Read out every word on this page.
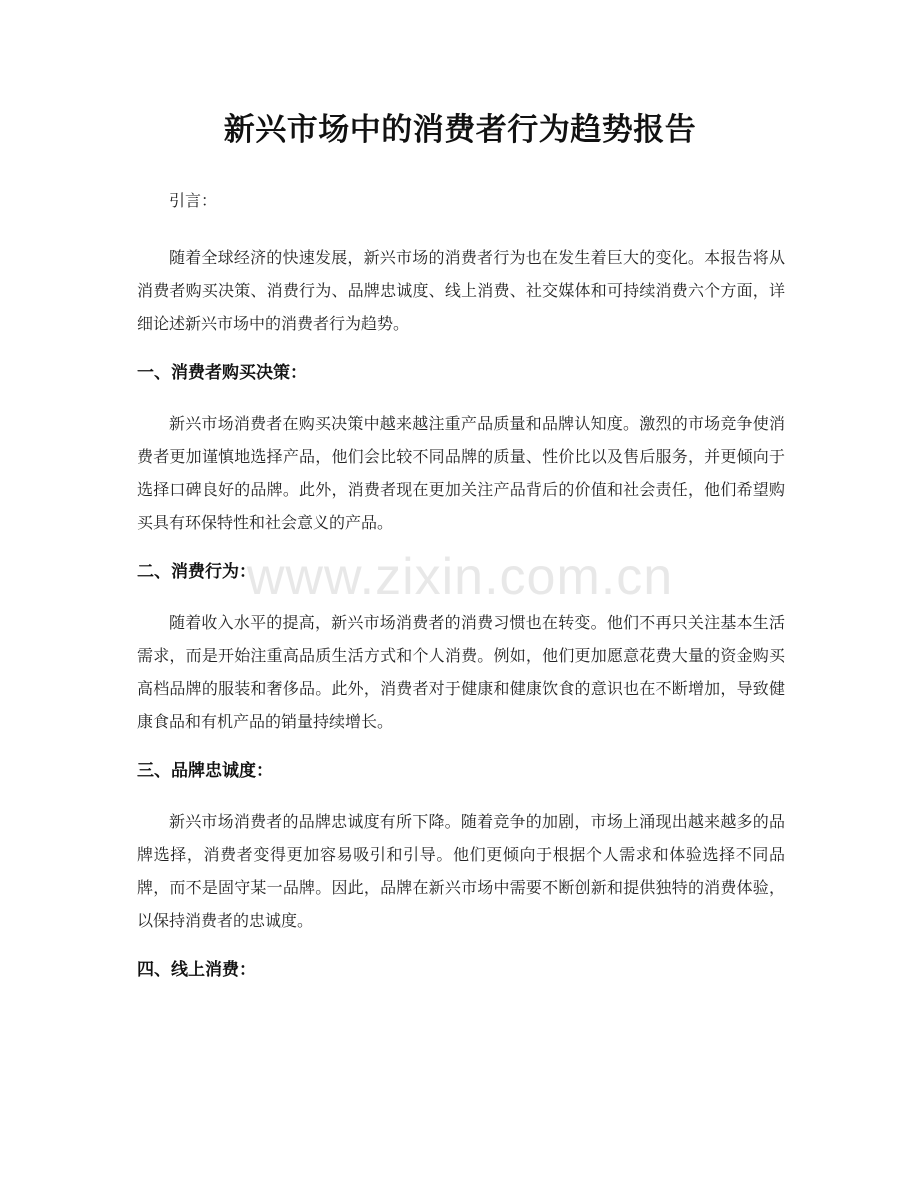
新兴市场中的消费者行为趋势报告

引言：

随着全球经济的快速发展，新兴市场的消费者行为也在发生着巨大的变化。本报告将从消费者购买决策、消费行为、品牌忠诚度、线上消费、社交媒体和可持续消费六个方面，详细论述新兴市场中的消费者行为趋势。

一、消费者购买决策：

新兴市场消费者在购买决策中越来越注重产品质量和品牌认知度。激烈的市场竞争使消费者更加谨慎地选择产品，他们会比较不同品牌的质量、性价比以及售后服务，并更倾向于选择口碑良好的品牌。此外，消费者现在更加关注产品背后的价值和社会责任，他们希望购买具有环保特性和社会意义的产品。

二、消费行为：

随着收入水平的提高，新兴市场消费者的消费习惯也在转变。他们不再只关注基本生活需求，而是开始注重高品质生活方式和个人消费。例如，他们更加愿意花费大量的资金购买高档品牌的服装和奢侈品。此外，消费者对于健康和健康饮食的意识也在不断增加，导致健康食品和有机产品的销量持续增长。

三、品牌忠诚度：

新兴市场消费者的品牌忠诚度有所下降。随着竞争的加剧，市场上涌现出越来越多的品牌选择，消费者变得更加容易吸引和引导。他们更倾向于根据个人需求和体验选择不同品牌，而不是固守某一品牌。因此，品牌在新兴市场中需要不断创新和提供独特的消费体验，以保持消费者的忠诚度。

四、线上消费：
www.zixin.com.cn
